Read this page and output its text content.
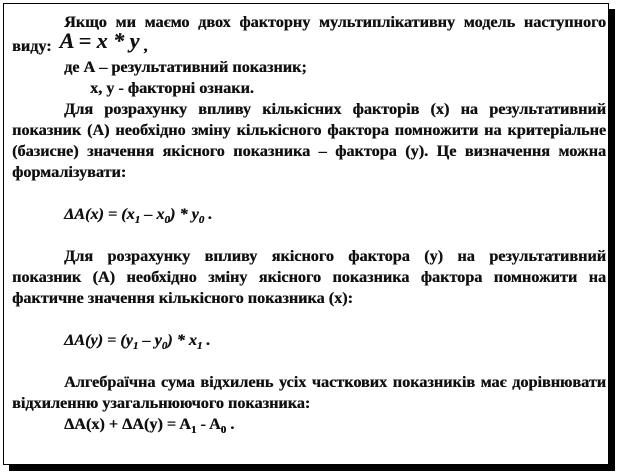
Якщо ми маємо двох факторну мультиплікативну модель наступного виду: A = x * y ,

де А – результативний показник;

x, y - факторні ознаки.

Для розрахунку впливу кількісних факторів (х) на результативний показник (А) необхідно зміну кількісного фактора помножити на критеріальне (базисне) значення якісного показника – фактора (у). Це визначення можна формалізувати:

$\Delta A(x) = (x_1 - x_0) * y_0$ .

Для розрахунку впливу якісного фактора (у) на результативний показник (А) необхідно зміну якісного показника фактора помножити на фактичне значення кількісного показника (х):

$\Delta A(y) = (y_1 - y_0) * x_1$ .

Алгебраїчна сума відхилень усіх часткових показників має дорівнювати відхиленню узагальнюючого показника:

$\Delta A(x) + \Delta A(y) = A_1 - A_0$ .
